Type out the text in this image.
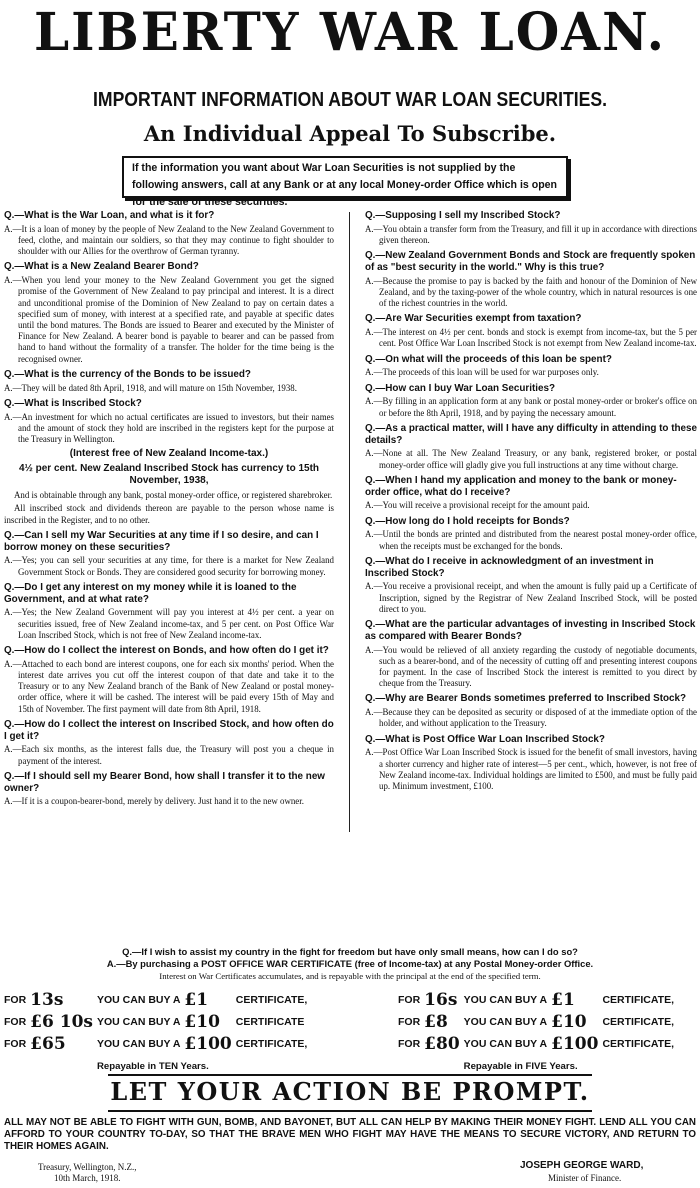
LIBERTY WAR LOAN.
IMPORTANT INFORMATION ABOUT WAR LOAN SECURITIES.
An Individual Appeal To Subscribe.
If the information you want about War Loan Securities is not supplied by the following answers, call at any Bank or at any local Money-order Office which is open for the sale of these securities.
Q.—What is the War Loan, and what is it for?
A.—It is a loan of money by the people of New Zealand to the New Zealand Government to feed, clothe, and maintain our soldiers, so that they may continue to fight shoulder to shoulder with our Allies for the overthrow of German tyranny.
Q.—What is a New Zealand Bearer Bond?
A.—When you lend your money to the New Zealand Government you get the signed promise of the Government of New Zealand to pay principal and interest. It is a direct and unconditional promise of the Dominion of New Zealand to pay on certain dates a specified sum of money, with interest at a specified rate, and payable at specific dates until the bond matures. The Bonds are issued to Bearer and executed by the Minister of Finance for New Zealand. A bearer bond is payable to bearer and can be passed from hand to hand without the formality of a transfer. The holder for the time being is the recognised owner.
Q.—What is the currency of the Bonds to be issued?
A.—They will be dated 8th April, 1918, and will mature on 15th November, 1938.
Q.—What is Inscribed Stock?
A.—An investment for which no actual certificates are issued to investors, but their names and the amount of stock they hold are inscribed in the registers kept for the purpose at the Treasury in Wellington.
(Interest free of New Zealand Income-tax.)
4½ per cent. New Zealand Inscribed Stock has currency to 15th November, 1938,
And is obtainable through any bank, postal money-order office, or registered sharebroker.
All inscribed stock and dividends thereon are payable to the person whose name is inscribed in the Register, and to no other.
Q.—Can I sell my War Securities at any time if I so desire, and can I borrow money on these securities?
A.—Yes; you can sell your securities at any time, for there is a market for New Zealand Government Stock or Bonds. They are considered good security for borrowing money.
Q.—Do I get any interest on my money while it is loaned to the Government, and at what rate?
A.—Yes; the New Zealand Government will pay you interest at 4½ per cent. a year on securities issued, free of New Zealand income-tax, and 5 per cent. on Post Office War Loan Inscribed Stock, which is not free of New Zealand income-tax.
Q.—How do I collect the interest on Bonds, and how often do I get it?
A.—Attached to each bond are interest coupons, one for each six months' period. When the interest date arrives you cut off the interest coupon of that date and take it to the Treasury or to any New Zealand branch of the Bank of New Zealand or postal money-order office, where it will be cashed. The interest will be paid every 15th of May and 15th of November. The first payment will date from 8th April, 1918.
Q.—How do I collect the interest on Inscribed Stock, and how often do I get it?
A.—Each six months, as the interest falls due, the Treasury will post you a cheque in payment of the interest.
Q.—If I should sell my Bearer Bond, how shall I transfer it to the new owner?
A.—If it is a coupon-bearer-bond, merely by delivery. Just hand it to the new owner.
Q.—Supposing I sell my Inscribed Stock?
A.—You obtain a transfer form from the Treasury, and fill it up in accordance with directions given thereon.
Q.—New Zealand Government Bonds and Stock are frequently spoken of as "best security in the world." Why is this true?
A.—Because the promise to pay is backed by the faith and honour of the Dominion of New Zealand, and by the taxing-power of the whole country, which in natural resources is one of the richest countries in the world.
Q.—Are War Securities exempt from taxation?
A.—The interest on 4½ per cent. bonds and stock is exempt from income-tax, but the 5 per cent. Post Office War Loan Inscribed Stock is not exempt from New Zealand income-tax.
Q.—On what will the proceeds of this loan be spent?
A.—The proceeds of this loan will be used for war purposes only.
Q.—How can I buy War Loan Securities?
A.—By filling in an application form at any bank or postal money-order or broker's office on or before the 8th April, 1918, and by paying the necessary amount.
Q.—As a practical matter, will I have any difficulty in attending to these details?
A.—None at all. The New Zealand Treasury, or any bank, registered broker, or postal money-order office will gladly give you full instructions at any time without charge.
Q.—When I hand my application and money to the bank or money-order office, what do I receive?
A.—You will receive a provisional receipt for the amount paid.
Q.—How long do I hold receipts for Bonds?
A.—Until the bonds are printed and distributed from the nearest postal money-order office, when the receipts must be exchanged for the bonds.
Q.—What do I receive in acknowledgment of an investment in Inscribed Stock?
A.—You receive a provisional receipt, and when the amount is fully paid up a Certificate of Inscription, signed by the Registrar of New Zealand Inscribed Stock, will be posted direct to you.
Q.—What are the particular advantages of investing in Inscribed Stock as compared with Bearer Bonds?
A.—You would be relieved of all anxiety regarding the custody of negotiable documents, such as a bearer-bond, and of the necessity of cutting off and presenting interest coupons for payment. In the case of Inscribed Stock the interest is remitted to you direct by cheque from the Treasury.
Q.—Why are Bearer Bonds sometimes preferred to Inscribed Stock?
A.—Because they can be deposited as security or disposed of at the immediate option of the holder, and without application to the Treasury.
Q.—What is Post Office War Loan Inscribed Stock?
A.—Post Office War Loan Inscribed Stock is issued for the benefit of small investors, having a shorter currency and higher rate of interest—5 per cent., which, however, is not free of New Zealand income-tax. Individual holdings are limited to £500, and must be fully paid up. Minimum investment, £100.
Q.—If I wish to assist my country in the fight for freedom but have only small means, how can I do so?
A.—By purchasing a POST OFFICE WAR CERTIFICATE (free of Income-tax) at any Postal Money-order Office.
Interest on War Certificates accumulates, and is repayable with the principal at the end of the specified term.
FOR	13s	YOU CAN BUY A	£1	CERTIFICATE,
FOR	£6 10s	YOU CAN BUY A	£10	CERTIFICATE
FOR	£65	YOU CAN BUY A	£100	CERTIFICATE,
		Repayable in TEN Years.		
FOR	16s	YOU CAN BUY A	£1	CERTIFICATE,
FOR	£8	YOU CAN BUY A	£10	CERTIFICATE,
FOR	£80	YOU CAN BUY A	£100	CERTIFICATE,
		Repayable in FIVE Years.		
LET YOUR ACTION BE PROMPT.
ALL MAY NOT BE ABLE TO FIGHT WITH GUN, BOMB, AND BAYONET, BUT ALL CAN HELP BY MAKING THEIR MONEY FIGHT. LEND ALL YOU CAN AFFORD TO YOUR COUNTRY TO-DAY, SO THAT THE BRAVE MEN WHO FIGHT MAY HAVE THE MEANS TO SECURE VICTORY, AND RETURN TO THEIR HOMES AGAIN.
Treasury, Wellington, N.Z.,
10th March, 1918.
JOSEPH GEORGE WARD,
Minister of Finance.
